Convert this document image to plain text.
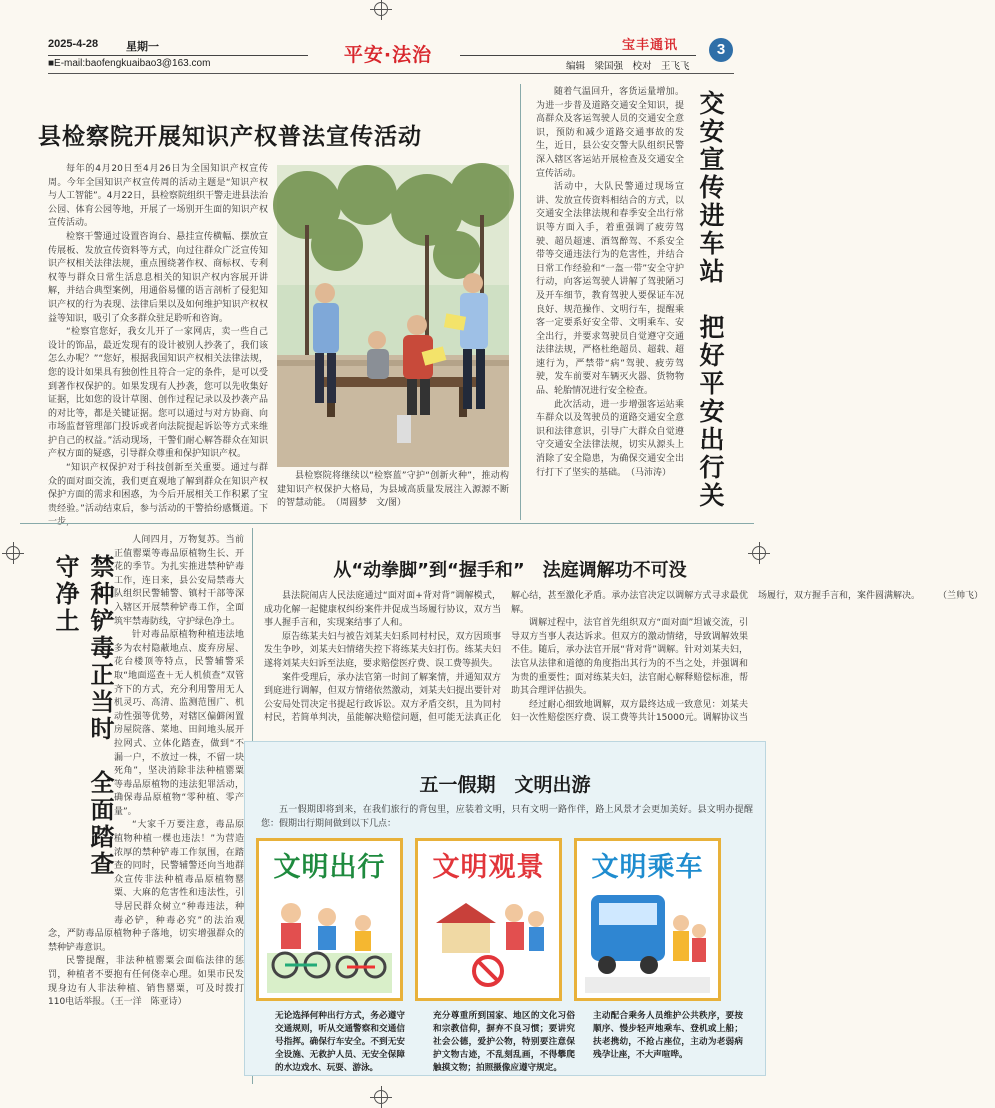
2025-4-28	星期一
■E-mail:baofengkuaibao3@163.com	平安·法治	宝丰通讯	3
编辑　梁国强　校对　王飞飞
县检察院开展知识产权普法宣传活动

每年的4月20日至4月26日为全国知识产权宣传周。今年全国知识产权宣传周的活动主题是“知识产权与人工智能”。4月22日，县检察院组织干警走进县法治公园、体育公园等地，开展了一场别开生面的知识产权宣传活动。

检察干警通过设置咨询台、悬挂宣传横幅、摆放宣传展板、发放宣传资料等方式，向过往群众广泛宣传知识产权相关法律法规，重点围绕著作权、商标权、专利权等与群众日常生活息息相关的知识产权内容展开讲解，并结合典型案例，用通俗易懂的语言剖析了侵犯知识产权的行为表现、法律后果以及如何维护知识产权权益等知识，吸引了众多群众驻足聆听和咨询。

“检察官您好，我女儿开了一家网店，卖一些自己设计的饰品，最近发现有的设计被别人抄袭了，我们该怎么办呢？”“您好，根据我国知识产权相关法律法规，您的设计如果具有独创性且符合一定的条件，是可以受到著作权保护的。如果发现有人抄袭，您可以先收集好证据，比如您的设计草图、创作过程记录以及抄袭产品的对比等，都是关键证据。您可以通过与对方协商、向市场监督管理部门投诉或者向法院提起诉讼等方式来维护自己的权益。”活动现场，干警们耐心解答群众在知识产权方面的疑惑，引导群众尊重和保护知识产权。

“知识产权保护对于科技创新至关重要。通过与群众的面对面交流，我们更直观地了解到群众在知识产权保护方面的需求和困惑，为今后开展相关工作积累了宝贵经验。”活动结束后，参与活动的干警拾纷感慨道。下

县检察院将继续以“检察蓝”守护“创新火种”，推动构建知识产权保护大格局，为县域高质量发展注入源源不断的智慧动能。　（周圆梦　文/图）

随着气温回升，客货运量增加。为进一步普及道路交通安全知识，提高群众及客运驾驶人员的交通安全意识，预防和减少道路交通事故的发生，近日，县公安交警大队组织民警深入辖区客运站开展检查及交通安全宣传活动。

活动中，大队民警通过现场宣讲、发放宣传资料相结合的方式，以交通安全法律法规和春季安全出行常识等方面入手，着重强调了疲劳驾驶、超员超速、酒驾醉驾、不系安全带等交通违法行为的危害性，并结合日常工作经验和“一盔一带”安全守护行动，向客运驾驶人讲解了驾驶陋习及开车细节，教育驾驶人要保证车况良好、规范操作、文明行车，提醒乘客一定要系好安全带、文明乘车、安全出行，并要求驾驶员自觉遵守交通法律法规，严格杜绝超员、超载、超速行为，严禁带“病”驾驶、疲劳驾驶，发车前要对车辆灭火器、货物物品、轮胎情况进行安全检查。

此次活动，进一步增强客运站乘车群众以及驾驶员的道路交通安全意识和法律意识，引导广大群众自觉遵守交通安全法律法规，切实从源头上消除了安全隐患，为确保交通安全出行打下了坚实的基础。　（马沛涛） 交安宣传进车站　把好平安出行关
禁种铲毒正当时　全面踏查守净土

人间四月，万物复苏。当前正值罂粟等毒品原植物生长、开花的季节。为扎实推进禁种铲毒工作，连日来，县公安局禁毒大队组织民警辅警、镇村干部等深入辖区开展禁种铲毒工作，全面筑牢禁毒防线，守护绿色净土。

针对毒品原植物种植违法地多为农村隐蔽地点、废弃房屋、花台楼顶等特点，民警辅警采取“地面巡查＋无人机侦查”双管齐下的方式，充分利用警用无人机灵巧、高清、监测范围广、机动性强等优势，对辖区偏僻闲置房屋院落、菜地、田间地头展开拉网式、立体化踏查，做到“不漏一户，不放过一株，不留一块死角”，坚决消除非法种植罂粟等毒品原植物的违法犯罪活动，确保毒品原植物“零种植、零产量”。

“大家千万要注意，毒品原植物种植一棵也违法！”为营造浓厚的禁种铲毒工作氛围，在踏查的同时，民警辅警还向当地群众宣传非法种植毒品原植物罂粟、大麻的危害性和违法性，引导居民群众树立“种毒违法，种毒必铲，种毒必究”的法治观念，严防毒品原植物种子落地，切实增强群众的禁种铲毒意识。

民警提醒，非法种植罂粟会面临法律的惩罚，种植者不要抱有任何侥幸心理。如果市民发现身边有人非法种植、销售罂粟，可及时拨打110电话举报。（王一洋　陈亚诗）

从“动拳脚”到“握手和”　法庭调解功不可没

县法院闹店人民法庭通过“面对面+背对背”调解模式，成功化解一起健康权纠纷案件并促成当场履行协议，双方当事人握手言和，实现案结事了人和。

原告练某夫妇与被告刘某夫妇系同村村民，双方因琐事发生争吵，刘某夫妇情绪失控下将练某夫妇打伤。练某夫妇遂将刘某夫妇诉至法庭，要求赔偿医疗费、误工费等损失。

案件受理后，承办法官第一时间了解案情，并通知双方到庭进行调解，但双方情绪依然激动，刘某夫妇提出要针对公安局处罚决定书提起行政诉讼。双方矛盾交织，且为同村村民，若简单判决，虽能解决赔偿问题，但可能无法真正化解心结，甚至激化矛盾。承办法官决定以调解方式寻求最优解。

调解过程中，法官首先组织双方“面对面”坦诚交流，引导双方当事人表达诉求。但双方的激动情绪，导致调解效果不佳。随后，承办法官开展“背对背”调解。针对刘某夫妇，法官从法律和道德的角度指出其行为的不当之处，并强调和为贵的重要性；面对练某夫妇，法官耐心解释赔偿标准，帮助其合理评估损失。

经过耐心细致地调解，双方最终达成一致意见：刘某夫妇一次性赔偿医疗费、误工费等共计15000元。调解协议当场履行，双方握手言和，案件圆满解决。　　　（兰帅飞）

五一假期　文明出游
五一假期即将到来，在我们旅行的背包里，应装着文明，只有文明一路作伴，路上风景才会更加美好。县文明办提醒您：假期出行期间做到以下几点：
文明出行	文明观景	文明乘车
无论选择何种出行方式，务必遵守交通规则，听从交通警察和交通信号指挥。确保行车安全。不到无安全设施、无救护人员、无安全保障的水边戏水、玩耍、游泳。
充分尊重所到国家、地区的文化习俗和宗教信仰，摒弃不良习惯；要讲究社会公德，爱护公物，特别要注意保护文物古迹，不乱刻乱画，不得攀爬触摸文物；拍照摄像应遵守规定。
主动配合乘务人员维护公共秩序，要按顺序、慢步轻声地乘车、登机或上船；扶老携幼，不抢占座位，主动为老弱病残孕让座，不大声喧哗。
